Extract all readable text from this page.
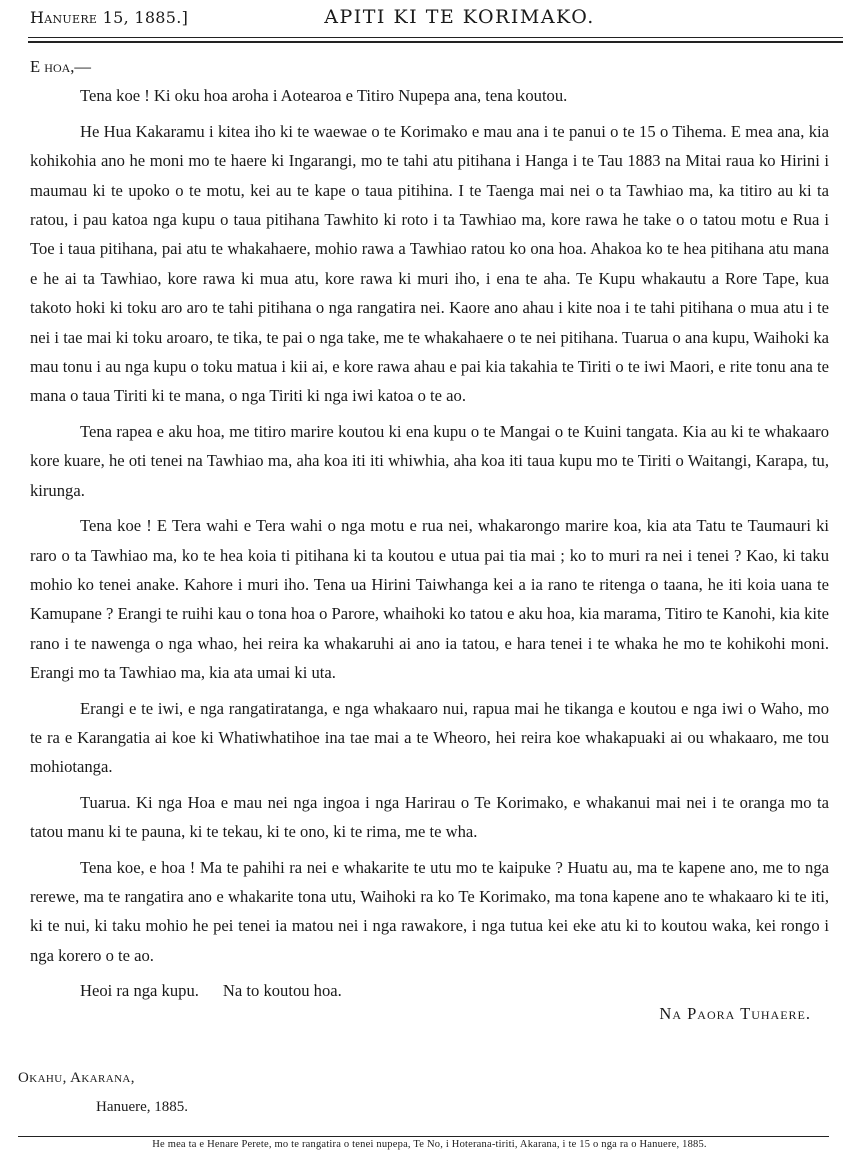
Hanuere 15, 1885.]	APITI KI TE KORIMAKO.

E hoa,—

Tena koe ! Ki oku hoa aroha i Aotearoa e Titiro Nupepa ana, tena koutou.

He Hua Kakaramu i kitea iho ki te waewae o te Korimako e mau ana i te panui o te 15 o Tihema. E mea ana, kia kohikohia ano he moni mo te haere ki Ingarangi, mo te tahi atu pitihana i Hanga i te Tau 1883 na Mitai raua ko Hirini i maumau ki te upoko o te motu, kei au te kape o taua pitihina. I te Taenga mai nei o ta Tawhiao ma, ka titiro au ki ta ratou, i pau katoa nga kupu o taua pitihana Tawhito ki roto i ta Tawhiao ma, kore rawa he take o o tatou motu e Rua i Toe i taua pitihana, pai atu te whakahaere, mohio rawa a Tawhiao ratou ko ona hoa. Ahakoa ko te hea pitihana atu mana e he ai ta Tawhiao, kore rawa ki mua atu, kore rawa ki muri iho, i ena te aha. Te Kupu whakautu a Rore Tape, kua takoto hoki ki toku aro aro te tahi pitihana o nga rangatira nei. Kaore ano ahau i kite noa i te tahi pitihana o mua atu i te nei i tae mai ki toku aroaro, te tika, te pai o nga take, me te whakahaere o te nei pitihana. Tuarua o ana kupu, Waihoki ka mau tonu i au nga kupu o toku matua i kii ai, e kore rawa ahau e pai kia takahia te Tiriti o te iwi Maori, e rite tonu ana te mana o taua Tiriti ki te mana, o nga Tiriti ki nga iwi katoa o te ao.

Tena rapea e aku hoa, me titiro marire koutou ki ena kupu o te Mangai o te Kuini tangata. Kia au ki te whakaaro kore kuare, he oti tenei na Tawhiao ma, aha koa iti iti whiwhia, aha koa iti taua kupu mo te Tiriti o Waitangi, Karapa, tu, kirunga.

Tena koe ! E Tera wahi e Tera wahi o nga motu e rua nei, whakarongo marire koa, kia ata Tatu te Taumauri ki raro o ta Tawhiao ma, ko te hea koia ti pitihana ki ta koutou e utua pai tia mai ; ko to muri ra nei i tenei ? Kao, ki taku mohio ko tenei anake. Kahore i muri iho. Tena ua Hirini Taiwhanga kei a ia rano te ritenga o taana, he iti koia uana te Kamupane ? Erangi te ruihi kau o tona hoa o Parore, whaihoki ko tatou e aku hoa, kia marama, Titiro te Kanohi, kia kite rano i te nawenga o nga whao, hei reira ka whakaruhi ai ano ia tatou, e hara tenei i te whaka he mo te kohikohi moni. Erangi mo ta Tawhiao ma, kia ata umai ki uta.

Erangi e te iwi, e nga rangatiratanga, e nga whakaaro nui, rapua mai he tikanga e koutou e nga iwi o Waho, mo te ra e Karangatia ai koe ki Whatiwhatihoe ina tae mai a te Wheoro, hei reira koe whakapuaki ai ou whakaaro, me tou mohiotanga.

Tuarua. Ki nga Hoa e mau nei nga ingoa i nga Harirau o Te Korimako, e whakanui mai nei i te oranga mo ta tatou manu ki te pauna, ki te tekau, ki te ono, ki te rima, me te wha.

Tena koe, e hoa ! Ma te pahihi ra nei e whakarite te utu mo te kaipuke ? Huatu au, ma te kapene ano, me to nga rerewe, ma te rangatira ano e whakarite tona utu, Waihoki ra ko Te Korimako, ma tona kapene ano te whakaaro ki te iti, ki te nui, ki taku mohio he pei tenei ia matou nei i nga rawakore, i nga tutua kei eke atu ki to koutou waka, kei rongo i nga korero o te ao.

Heoi ra nga kupu. Na to koutou hoa.
Na Paora Tuhaere.

Okahu, Akarana,
Hanuere, 1885.
He mea ta e Henare Perete, mo te rangatira o tenei nupepa, Te No, i Hoterana-tiriti, Akarana, i te 15 o nga ra o Hanuere, 1885.
